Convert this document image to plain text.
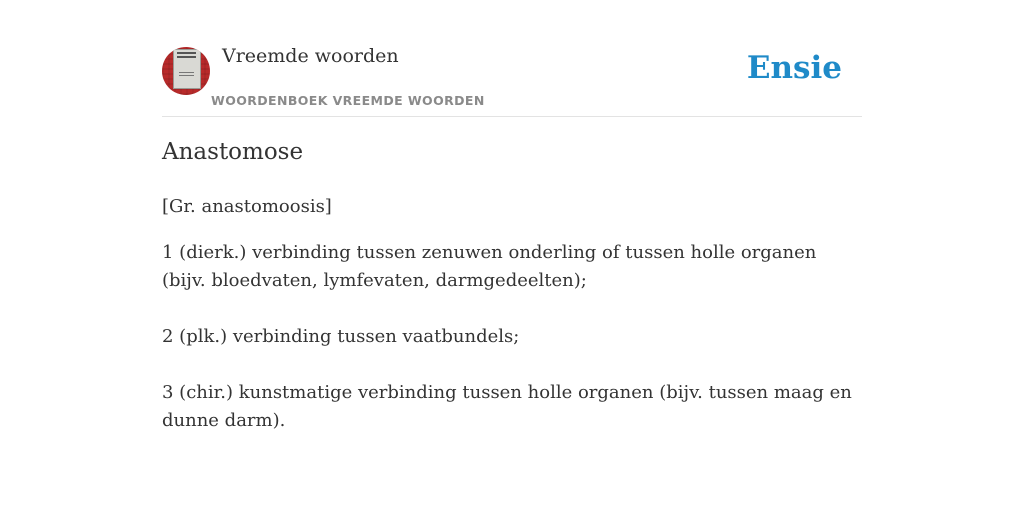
Vreemde woorden
WOORDENBOEK VREEMDE WOORDEN
Ensie
Anastomose
[Gr. anastomoosis]

1 (dierk.) verbinding tussen zenuwen onderling of tussen holle organen (bijv. bloedvaten, lymfevaten, darmgedeelten);

2 (plk.) verbinding tussen vaatbundels;

3 (chir.) kunstmatige verbinding tussen holle organen (bijv. tussen maag en dunne darm).
